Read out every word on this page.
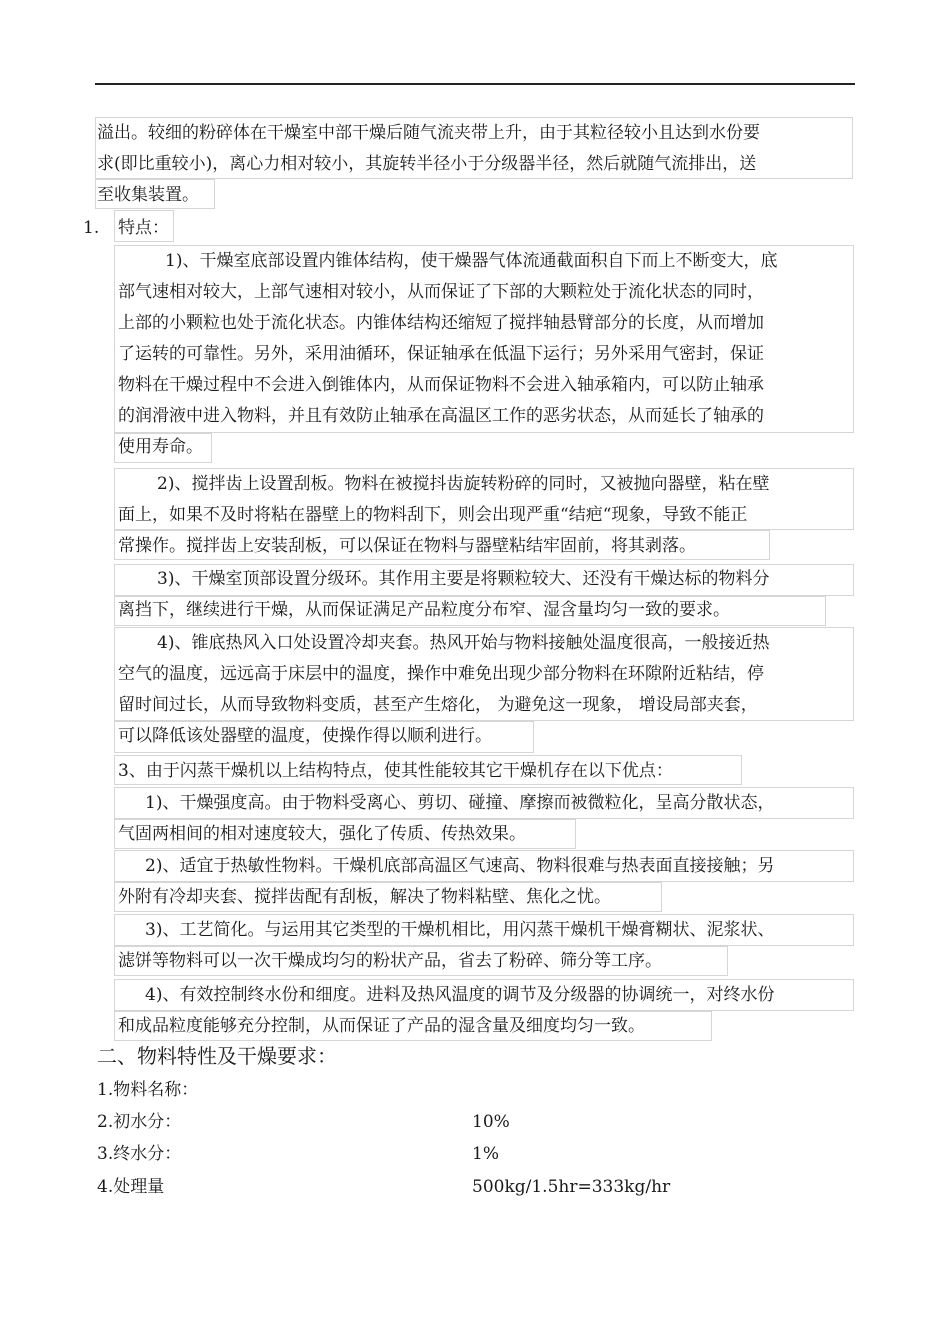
溢出。较细的粉碎体在干燥室中部干燥后随气流夹带上升，由于其粒径较小且达到水份要
求(即比重较小)，离心力相对较小，其旋转半径小于分级器半径，然后就随气流排出，送
至收集装置。
1. 特点：
1)、干燥室底部设置内锥体结构，使干燥器气体流通截面积自下而上不断变大，底
部气速相对较大，上部气速相对较小，从而保证了下部的大颗粒处于流化状态的同时，
上部的小颗粒也处于流化状态。内锥体结构还缩短了搅拌轴悬臂部分的长度，从而增加
了运转的可靠性。另外，采用油循环，保证轴承在低温下运行；另外采用气密封，保证
物料在干燥过程中不会进入倒锥体内，从而保证物料不会进入轴承箱内，可以防止轴承
的润滑液中进入物料，并且有效防止轴承在高温区工作的恶劣状态，从而延长了轴承的
使用寿命。
2)、搅拌齿上设置刮板。物料在被搅抖齿旋转粉碎的同时，又被抛向器壁，粘在壁
面上，如果不及时将粘在器壁上的物料刮下，则会出现严重“结疤“现象，导致不能正
常操作。搅拌齿上安装刮板，可以保证在物料与器壁粘结牢固前，将其剥落。
3)、干燥室顶部设置分级环。其作用主要是将颗粒较大、还没有干燥达标的物料分
离挡下，继续进行干燥，从而保证满足产品粒度分布窄、湿含量均匀一致的要求。
4)、锥底热风入口处设置冷却夹套。热风开始与物料接触处温度很高，一般接近热
空气的温度，远远高于床层中的温度，操作中难免出现少部分物料在环隙附近粘结，停
留时间过长，从而导致物料变质，甚至产生熔化， 为避免这一现象， 增设局部夹套，
可以降低该处器壁的温度，使操作得以顺利进行。
3、由于闪蒸干燥机以上结构特点，使其性能较其它干燥机存在以下优点：
1)、干燥强度高。由于物料受离心、剪切、碰撞、摩擦而被微粒化，呈高分散状态，
气固两相间的相对速度较大，强化了传质、传热效果。
2)、适宜于热敏性物料。干燥机底部高温区气速高、物料很难与热表面直接接触；另
外附有冷却夹套、搅拌齿配有刮板，解决了物料粘壁、焦化之忧。
3)、工艺简化。与运用其它类型的干燥机相比，用闪蒸干燥机干燥膏糊状、泥浆状、
滤饼等物料可以一次干燥成均匀的粉状产品，省去了粉碎、筛分等工序。
4)、有效控制终水份和细度。进料及热风温度的调节及分级器的协调统一，对终水份
和成品粒度能够充分控制，从而保证了产品的湿含量及细度均匀一致。
二、物料特性及干燥要求：
1.物料名称：
2.初水分：	10%
3.终水分：	1%
4.处理量	500kg/1.5hr=333kg/hr
